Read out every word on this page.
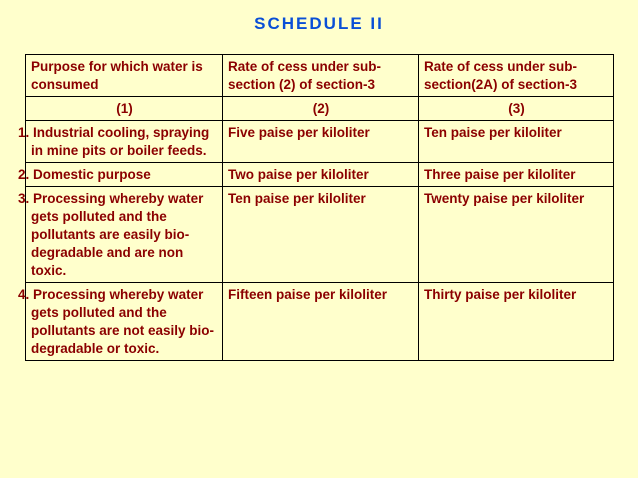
SCHEDULE II
Purpose for which water is consumed	Rate of cess under sub-section (2) of section-3	Rate of cess under sub-section(2A) of section-3
(1)	(2)	(3)
1. Industrial cooling, spraying in mine pits or boiler feeds.	Five paise per kiloliter	Ten paise per kiloliter
2. Domestic purpose	Two paise per kiloliter	Three paise per kiloliter
3. Processing whereby water gets polluted and the pollutants are easily bio-degradable and are non toxic.	Ten paise per kiloliter	Twenty paise per kiloliter
4. Processing whereby water gets polluted and the pollutants are not easily bio-degradable or toxic.	Fifteen paise per kiloliter	Thirty paise per kiloliter
